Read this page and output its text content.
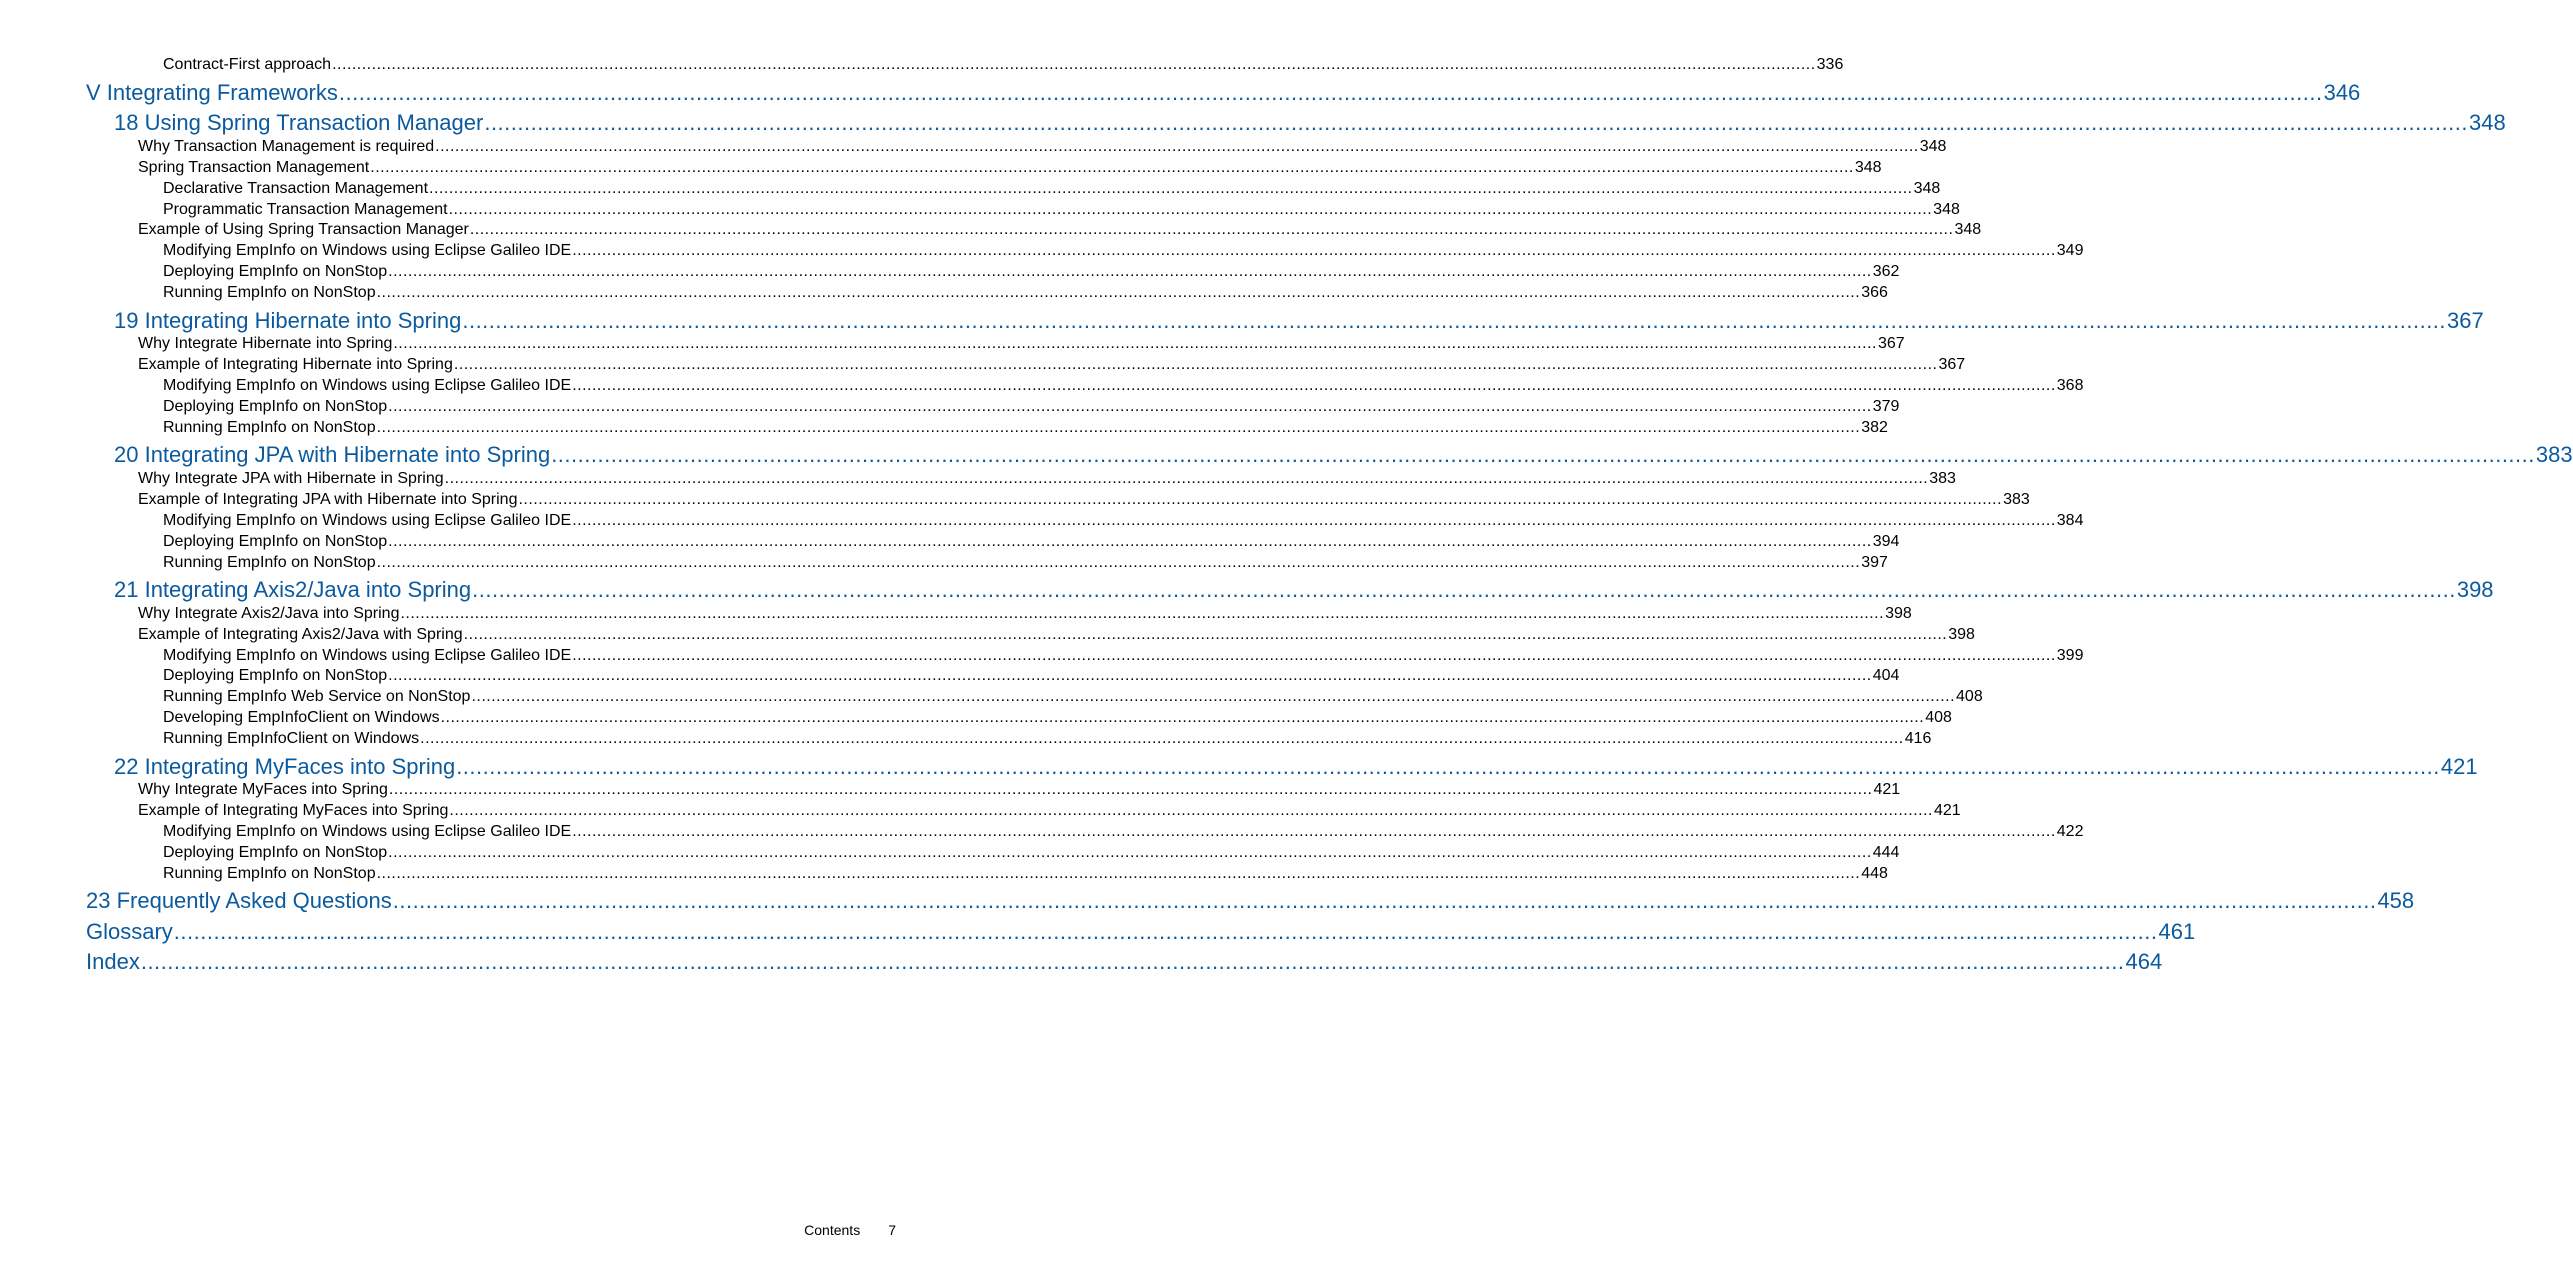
Contract-First approach ............................................................................................................................................................................................................................................................................................................ 336
V Integrating Frameworks ............................................................................................................................................................................................................................................................................................................ 346
18 Using Spring Transaction Manager ............................................................................................................................................................................................................................................................................................................ 348
Why Transaction Management is required ............................................................................................................................................................................................................................................................................................................ 348
Spring Transaction Management ............................................................................................................................................................................................................................................................................................................ 348
Declarative Transaction Management ............................................................................................................................................................................................................................................................................................................ 348
Programmatic Transaction Management ............................................................................................................................................................................................................................................................................................................ 348
Example of Using Spring Transaction Manager ............................................................................................................................................................................................................................................................................................................ 348
Modifying EmpInfo on Windows using Eclipse Galileo IDE ............................................................................................................................................................................................................................................................................................................ 349
Deploying EmpInfo on NonStop ............................................................................................................................................................................................................................................................................................................ 362
Running EmpInfo on NonStop ............................................................................................................................................................................................................................................................................................................ 366
19 Integrating Hibernate into Spring ............................................................................................................................................................................................................................................................................................................ 367
Why Integrate Hibernate into Spring ............................................................................................................................................................................................................................................................................................................ 367
Example of Integrating Hibernate into Spring ............................................................................................................................................................................................................................................................................................................ 367
Modifying EmpInfo on Windows using Eclipse Galileo IDE ............................................................................................................................................................................................................................................................................................................ 368
Deploying EmpInfo on NonStop ............................................................................................................................................................................................................................................................................................................ 379
Running EmpInfo on NonStop ............................................................................................................................................................................................................................................................................................................ 382
20 Integrating JPA with Hibernate into Spring ............................................................................................................................................................................................................................................................................................................ 383
Why Integrate JPA with Hibernate in Spring ............................................................................................................................................................................................................................................................................................................ 383
Example of Integrating JPA with Hibernate into Spring ............................................................................................................................................................................................................................................................................................................ 383
Modifying EmpInfo on Windows using Eclipse Galileo IDE ............................................................................................................................................................................................................................................................................................................ 384
Deploying EmpInfo on NonStop ............................................................................................................................................................................................................................................................................................................ 394
Running EmpInfo on NonStop ............................................................................................................................................................................................................................................................................................................ 397
21 Integrating Axis2/Java into Spring ............................................................................................................................................................................................................................................................................................................ 398
Why Integrate Axis2/Java into Spring ............................................................................................................................................................................................................................................................................................................ 398
Example of Integrating Axis2/Java with Spring ............................................................................................................................................................................................................................................................................................................ 398
Modifying EmpInfo on Windows using Eclipse Galileo IDE ............................................................................................................................................................................................................................................................................................................ 399
Deploying EmpInfo on NonStop ............................................................................................................................................................................................................................................................................................................ 404
Running EmpInfo Web Service on NonStop ............................................................................................................................................................................................................................................................................................................ 408
Developing EmpInfoClient on Windows ............................................................................................................................................................................................................................................................................................................ 408
Running EmpInfoClient on Windows ............................................................................................................................................................................................................................................................................................................ 416
22 Integrating MyFaces into Spring ............................................................................................................................................................................................................................................................................................................ 421
Why Integrate MyFaces into Spring ............................................................................................................................................................................................................................................................................................................ 421
Example of Integrating MyFaces into Spring ............................................................................................................................................................................................................................................................................................................ 421
Modifying EmpInfo on Windows using Eclipse Galileo IDE ............................................................................................................................................................................................................................................................................................................ 422
Deploying EmpInfo on NonStop ............................................................................................................................................................................................................................................................................................................ 444
Running EmpInfo on NonStop ............................................................................................................................................................................................................................................................................................................ 448
23 Frequently Asked Questions ............................................................................................................................................................................................................................................................................................................ 458
Glossary ............................................................................................................................................................................................................................................................................................................ 461
Index ............................................................................................................................................................................................................................................................................................................ 464
Contents 7
